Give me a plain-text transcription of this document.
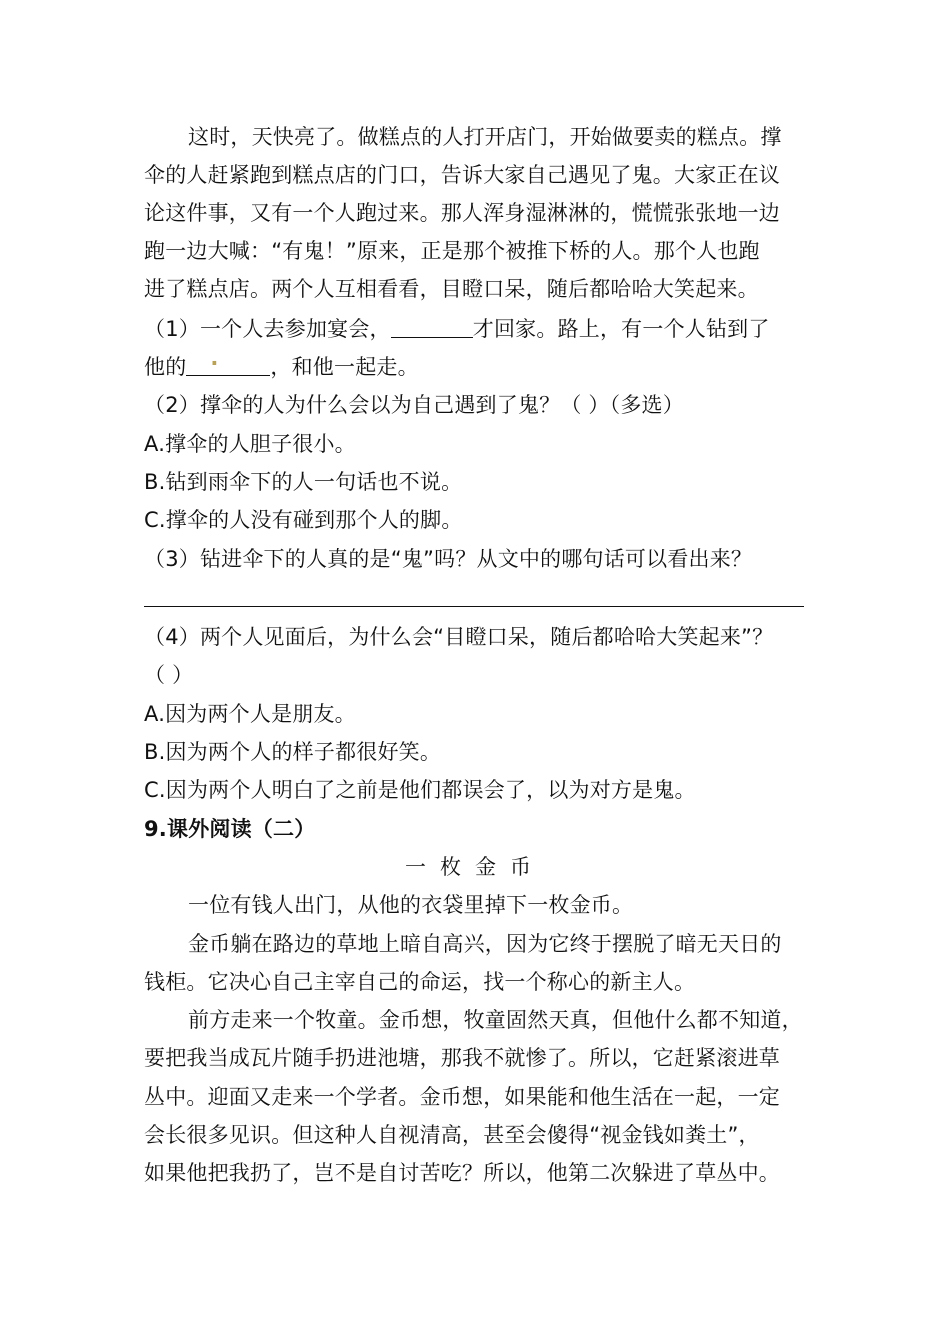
这时，天快亮了。做糕点的人打开店门，开始做要卖的糕点。撑
伞的人赶紧跑到糕点店的门口，告诉大家自己遇见了鬼。大家正在议
论这件事，又有一个人跑过来。那人浑身湿淋淋的，慌慌张张地一边
跑一边大喊：“有鬼！”原来，正是那个被推下桥的人。那个人也跑
进了糕点店。两个人互相看看，目瞪口呆，随后都哈哈大笑起来。
（1）一个人去参加宴会，	才回家。路上，有一个人钻到了
他的 . ，和他一起走。
（2）撑伞的人为什么会以为自己遇到了鬼？（ ）（多选）
A.撑伞的人胆子很小。
B.钻到雨伞下的人一句话也不说。
C.撑伞的人没有碰到那个人的脚。
（3）钻进伞下的人真的是“鬼”吗？从文中的哪句话可以看出来？
（4）两个人见面后，为什么会“目瞪口呆，随后都哈哈大笑起来”？
（ ）
A.因为两个人是朋友。
B.因为两个人的样子都很好笑。
C.因为两个人明白了之前是他们都误会了，以为对方是鬼。
9.课外阅读（二）
一枚金币
一位有钱人出门，从他的衣袋里掉下一枚金币。
金币躺在路边的草地上暗自高兴，因为它终于摆脱了暗无天日的
钱柜。它决心自己主宰自己的命运，找一个称心的新主人。
前方走来一个牧童。金币想，牧童固然天真，但他什么都不知道，
要把我当成瓦片随手扔进池塘，那我不就惨了。所以，它赶紧滚进草
丛中。迎面又走来一个学者。金币想，如果能和他生活在一起，一定
会长很多见识。但这种人自视清高，甚至会傻得“视金钱如粪土”，
如果他把我扔了，岂不是自讨苦吃？所以，他第二次躲进了草丛中。
